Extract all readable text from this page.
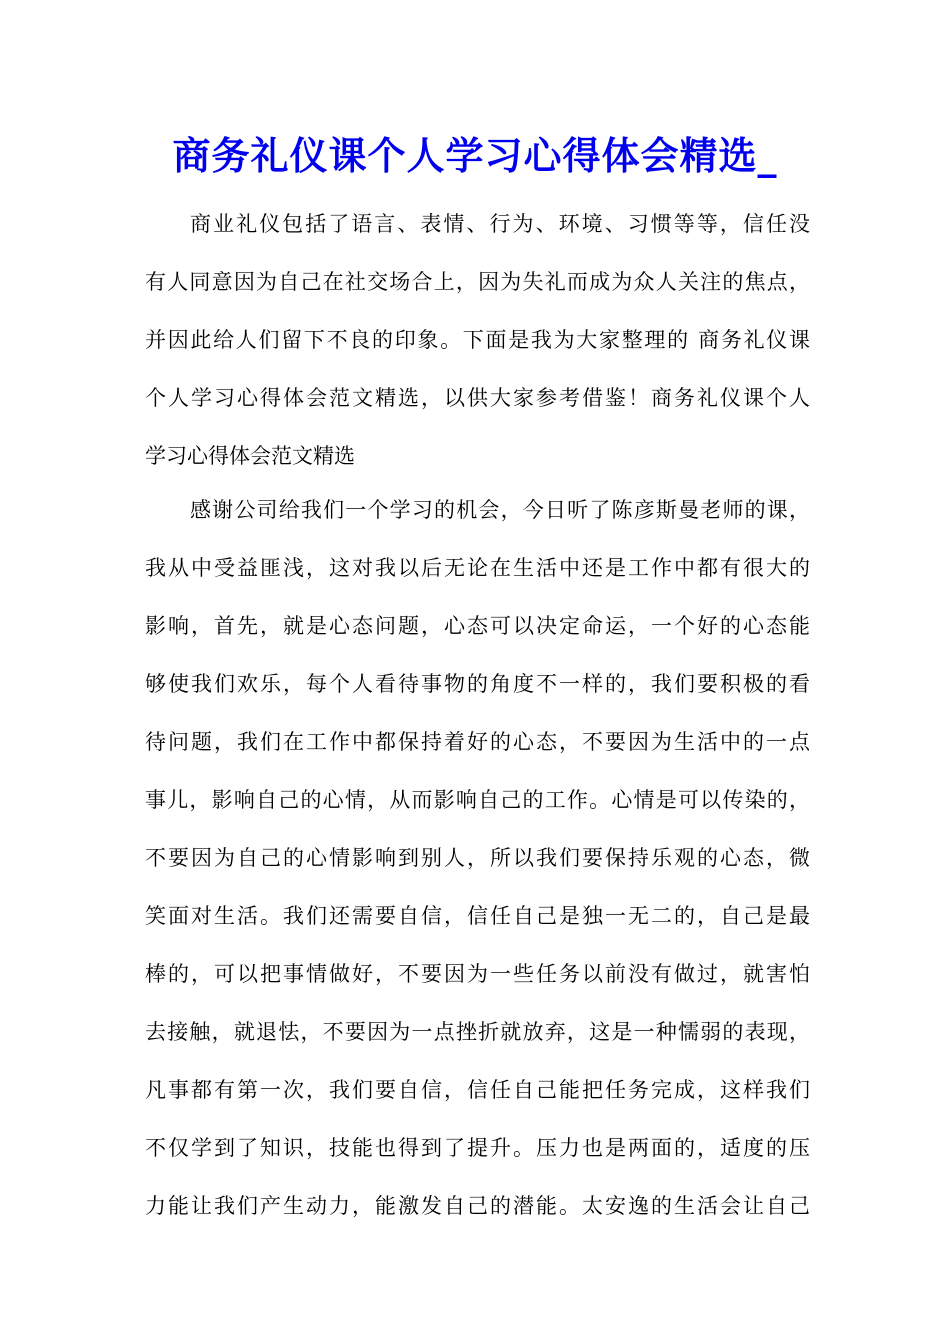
商务礼仪课个人学习心得体会精选_
商业礼仪包括了语言、表情、行为、环境、习惯等等，信任没
有人同意因为自己在社交场合上，因为失礼而成为众人关注的焦点，
并因此给人们留下不良的印象。下面是我为大家整理的 商务礼仪课
个人学习心得体会范文精选，以供大家参考借鉴！商务礼仪课个人
学习心得体会范文精选
感谢公司给我们一个学习的机会，今日听了陈彦斯曼老师的课，
我从中受益匪浅，这对我以后无论在生活中还是工作中都有很大的
影响，首先，就是心态问题，心态可以决定命运，一个好的心态能
够使我们欢乐，每个人看待事物的角度不一样的，我们要积极的看
待问题，我们在工作中都保持着好的心态，不要因为生活中的一点
事儿，影响自己的心情，从而影响自己的工作。心情是可以传染的，
不要因为自己的心情影响到别人，所以我们要保持乐观的心态，微
笑面对生活。我们还需要自信，信任自己是独一无二的，自己是最
棒的，可以把事情做好，不要因为一些任务以前没有做过，就害怕
去接触，就退怯，不要因为一点挫折就放弃，这是一种懦弱的表现，
凡事都有第一次，我们要自信，信任自己能把任务完成，这样我们
不仅学到了知识，技能也得到了提升。压力也是两面的，适度的压
力能让我们产生动力，能激发自己的潜能。太安逸的生活会让自己
